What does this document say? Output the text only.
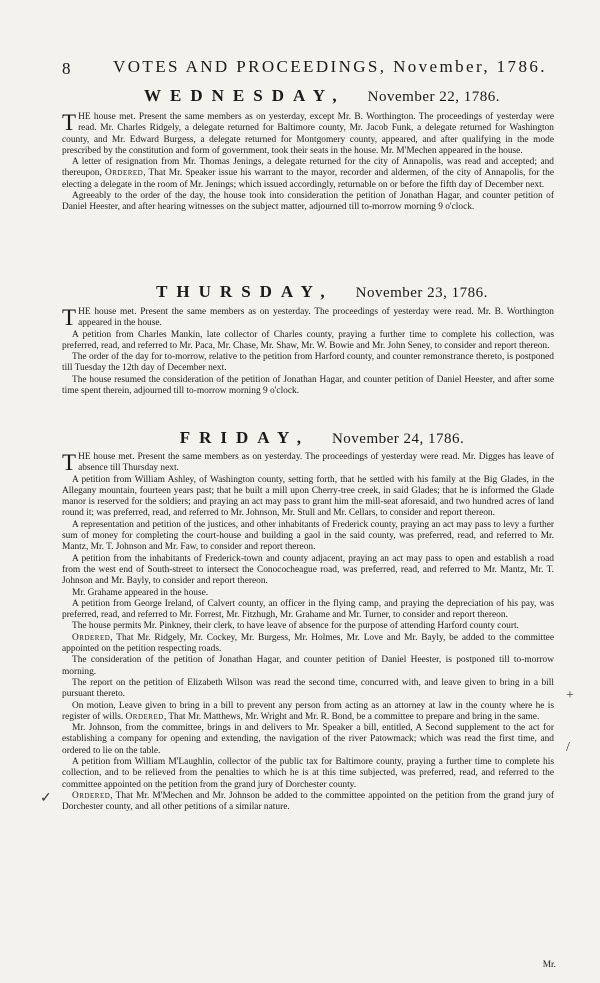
8	VOTES AND PROCEEDINGS, November, 1786.
WEDNESDAY, November 22, 1786.

THE house met. Present the same members as on yesterday, except Mr. B. Worthington. The proceedings of yesterday were read. Mr. Charles Ridgely, a delegate returned for Baltimore county, Mr. Jacob Funk, a delegate returned for Washington county, and Mr. Edward Burgess, a delegate returned for Montgomery county, appeared, and after qualifying in the mode prescribed by the constitution and form of government, took their seats in the house. Mr. M'Mechen appeared in the house.

A letter of resignation from Mr. Thomas Jenings, a delegate returned for the city of Annapolis, was read and accepted; and thereupon, Ordered, That Mr. Speaker issue his warrant to the mayor, recorder and aldermen, of the city of Annapolis, for the electing a delegate in the room of Mr. Jenings; which issued accordingly, returnable on or before the fifth day of December next.

Agreeably to the order of the day, the house took into consideration the petition of Jonathan Hagar, and counter petition of Daniel Heester, and after hearing witnesses on the subject matter, adjourned till to-morrow morning 9 o'clock.

THURSDAY, November 23, 1786.

THE house met. Present the same members as on yesterday. The proceedings of yesterday were read. Mr. B. Worthington appeared in the house.

A petition from Charles Mankin, late collector of Charles county, praying a further time to complete his collection, was preferred, read, and referred to Mr. Paca, Mr. Chase, Mr. Shaw, Mr. W. Bowie and Mr. John Seney, to consider and report thereon.

The order of the day for to-morrow, relative to the petition from Harford county, and counter remonstrance thereto, is postponed till Tuesday the 12th day of December next.

The house resumed the consideration of the petition of Jonathan Hagar, and counter petition of Daniel Heester, and after some time spent therein, adjourned till to-morrow morning 9 o'clock.

FRIDAY, November 24, 1786.

THE house met. Present the same members as on yesterday. The proceedings of yesterday were read. Mr. Digges has leave of absence till Thursday next.

A petition from William Ashley, of Washington county, setting forth, that he settled with his family at the Big Glades, in the Allegany mountain, fourteen years past; that he built a mill upon Cherry-tree creek, in said Glades; that he is informed the Glade manor is reserved for the soldiers; and praying an act may pass to grant him the mill-seat aforesaid, and two hundred acres of land round it; was preferred, read, and referred to Mr. Johnson, Mr. Stull and Mr. Cellars, to consider and report thereon.

A representation and petition of the justices, and other inhabitants of Frederick county, praying an act may pass to levy a further sum of money for completing the court-house and building a gaol in the said county, was preferred, read, and referred to Mr. Mantz, Mr. T. Johnson and Mr. Faw, to consider and report thereon.

A petition from the inhabitants of Frederick-town and county adjacent, praying an act may pass to open and establish a road from the west end of South-street to intersect the Conococheague road, was preferred, read, and referred to Mr. Mantz, Mr. T. Johnson and Mr. Bayly, to consider and report thereon.

Mr. Grahame appeared in the house.

A petition from George Ireland, of Calvert county, an officer in the flying camp, and praying the depreciation of his pay, was preferred, read, and referred to Mr. Forrest, Mr. Fitzhugh, Mr. Grahame and Mr. Turner, to consider and report thereon.

The house permits Mr. Pinkney, their clerk, to have leave of absence for the purpose of attending Harford county court.

Ordered, That Mr. Ridgely, Mr. Cockey, Mr. Burgess, Mr. Holmes, Mr. Love and Mr. Bayly, be added to the committee appointed on the petition respecting roads.

The consideration of the petition of Jonathan Hagar, and counter petition of Daniel Heester, is postponed till to-morrow morning.

The report on the petition of Elizabeth Wilson was read the second time, concurred with, and leave given to bring in a bill pursuant thereto.

On motion, Leave given to bring in a bill to prevent any person from acting as an attorney at law in the county where he is register of wills. Ordered, That Mr. Matthews, Mr. Wright and Mr. R. Bond, be a committee to prepare and bring in the same.

Mr. Johnson, from the committee, brings in and delivers to Mr. Speaker a bill, entitled, A Second supplement to the act for establishing a company for opening and extending, the navigation of the river Patowmack; which was read the first time, and ordered to lie on the table.

A petition from William M'Laughlin, collector of the public tax for Baltimore county, praying a further time to complete his collection, and to be relieved from the penalties to which he is at this time subjected, was preferred, read, and referred to the committee appointed on the petition from the grand jury of Dorchester county.

Ordered, That Mr. M'Mechen and Mr. Johnson be added to the committee appointed on the petition from the grand jury of Dorchester county, and all other petitions of a similar nature.

Mr.
+
/
✓
